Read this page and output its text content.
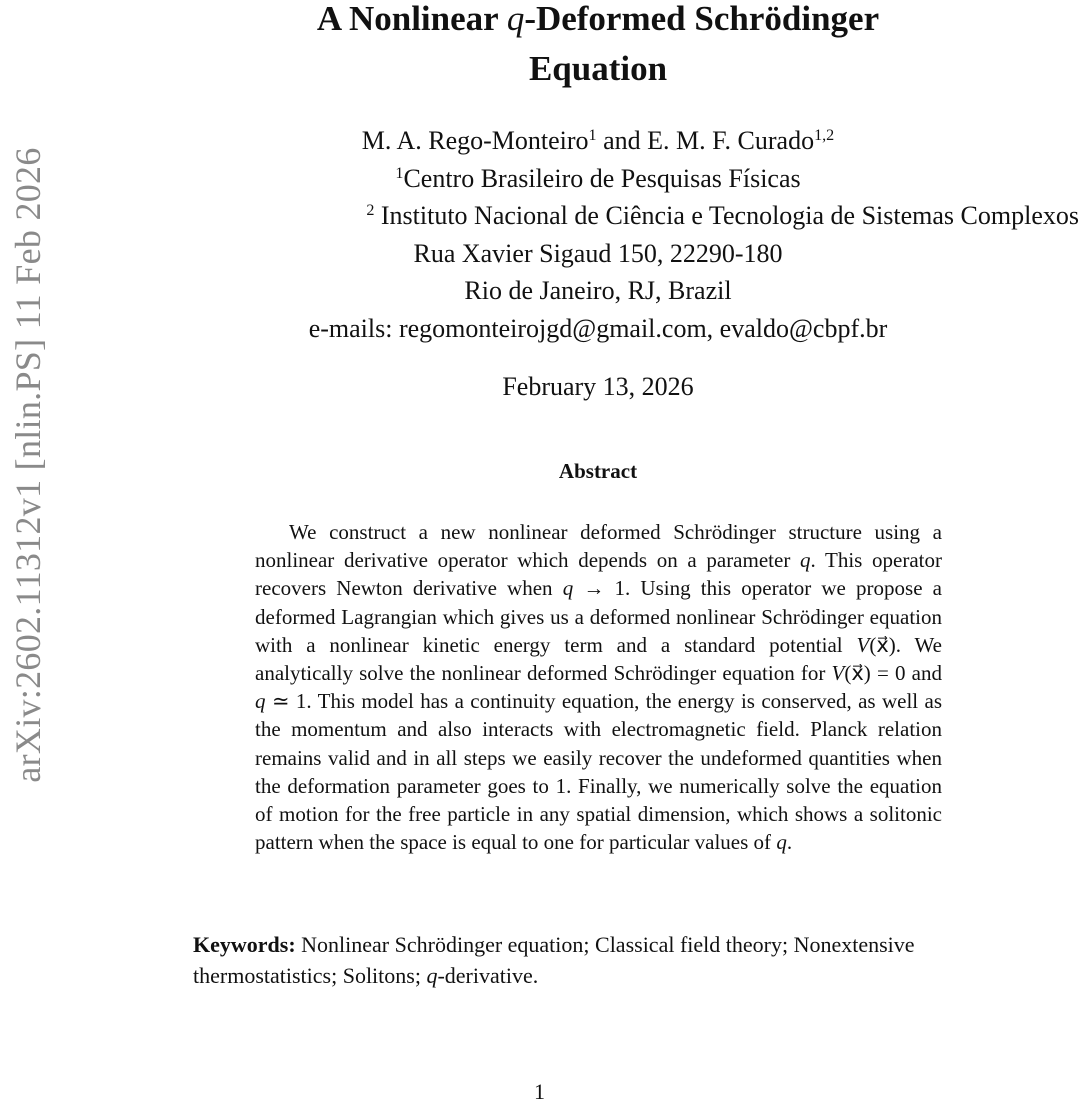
arXiv:2602.11312v1 [nlin.PS] 11 Feb 2026
A Nonlinear q-Deformed Schrödinger
Equation
M. A. Rego-Monteiro$^1$ and E. M. F. Curado$^{1,2}$
$^1$Centro Brasileiro de Pesquisas Físicas
$^2$ Instituto Nacional de Ciência e Tecnologia de Sistemas Complexos
Rua Xavier Sigaud 150, 22290-180
Rio de Janeiro, RJ, Brazil
e-mails: regomonteirojgd@gmail.com, evaldo@cbpf.br
February 13, 2026
Abstract
We construct a new nonlinear deformed Schrödinger structure using a nonlinear derivative operator which depends on a parameter q. This operator recovers Newton derivative when q → 1. Using this operator we propose a deformed Lagrangian which gives us a deformed nonlinear Schrödinger equation with a nonlinear kinetic energy term and a standard potential V(x⃗). We analytically solve the nonlinear deformed Schrödinger equation for V(x⃗) = 0 and q ≃ 1. This model has a continuity equation, the energy is conserved, as well as the momentum and also interacts with electromagnetic field. Planck relation remains valid and in all steps we easily recover the undeformed quantities when the deformation parameter goes to 1. Finally, we numerically solve the equation of motion for the free particle in any spatial dimension, which shows a solitonic pattern when the space is equal to one for particular values of q.
Keywords: Nonlinear Schrödinger equation; Classical field theory; Nonextensive thermostatistics; Solitons; q-derivative.
1
